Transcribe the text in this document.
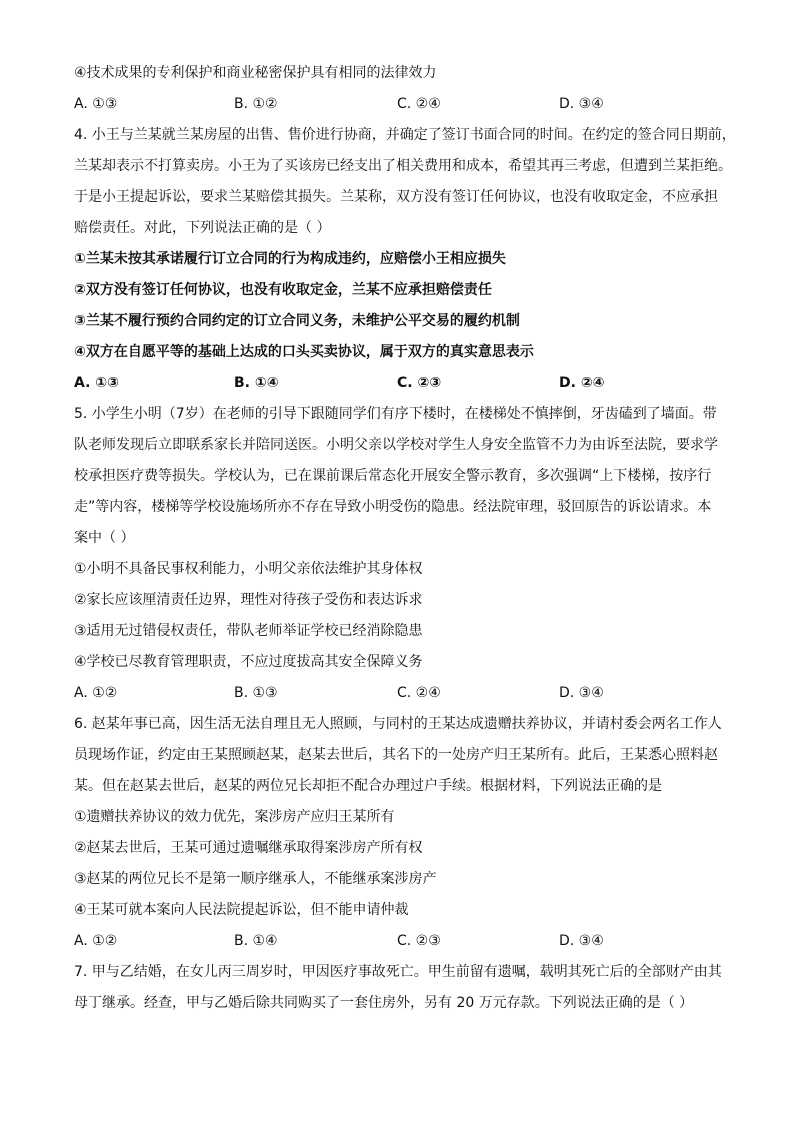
④技术成果的专利保护和商业秘密保护具有相同的法律效力
A. ①③	B. ①②	C. ②④	D. ③④
4. 小王与兰某就兰某房屋的出售、售价进行协商，并确定了签订书面合同的时间。在约定的签合同日期前，
兰某却表示不打算卖房。小王为了买该房已经支出了相关费用和成本，希望其再三考虑，但遭到兰某拒绝。
于是小王提起诉讼，要求兰某赔偿其损失。兰某称，双方没有签订任何协议，也没有收取定金，不应承担
赔偿责任。对此，下列说法正确的是（ ）
①兰某未按其承诺履行订立合同的行为构成违约，应赔偿小王相应损失
②双方没有签订任何协议，也没有收取定金，兰某不应承担赔偿责任
③兰某不履行预约合同约定的订立合同义务，未维护公平交易的履约机制
④双方在自愿平等的基础上达成的口头买卖协议，属于双方的真实意思表示
A. ①③	B. ①④	C. ②③	D. ②④
5. 小学生小明（7岁）在老师的引导下跟随同学们有序下楼时，在楼梯处不慎摔倒，牙齿磕到了墙面。带
队老师发现后立即联系家长并陪同送医。小明父亲以学校对学生人身安全监管不力为由诉至法院，要求学
校承担医疗费等损失。学校认为，已在课前课后常态化开展安全警示教育，多次强调“上下楼梯，按序行
走”等内容，楼梯等学校设施场所亦不存在导致小明受伤的隐患。经法院审理，驳回原告的诉讼请求。本
案中（ ）
①小明不具备民事权利能力，小明父亲依法维护其身体权
②家长应该厘清责任边界，理性对待孩子受伤和表达诉求
③适用无过错侵权责任，带队老师举证学校已经消除隐患
④学校已尽教育管理职责，不应过度拔高其安全保障义务
A. ①②	B. ①③	C. ②④	D. ③④
6. 赵某年事已高，因生活无法自理且无人照顾，与同村的王某达成遗赠扶养协议，并请村委会两名工作人
员现场作证，约定由王某照顾赵某，赵某去世后，其名下的一处房产归王某所有。此后，王某悉心照料赵
某。但在赵某去世后，赵某的两位兄长却拒不配合办理过户手续。根据材料，下列说法正确的是
①遗赠扶养协议的效力优先，案涉房产应归王某所有
②赵某去世后，王某可通过遗嘱继承取得案涉房产所有权
③赵某的两位兄长不是第一顺序继承人，不能继承案涉房产
④王某可就本案向人民法院提起诉讼，但不能申请仲裁
A. ①②	B. ①④	C. ②③	D. ③④
7. 甲与乙结婚，在女儿丙三周岁时，甲因医疗事故死亡。甲生前留有遗嘱，载明其死亡后的全部财产由其
母丁继承。经查，甲与乙婚后除共同购买了一套住房外，另有 20 万元存款。下列说法正确的是（ ）
